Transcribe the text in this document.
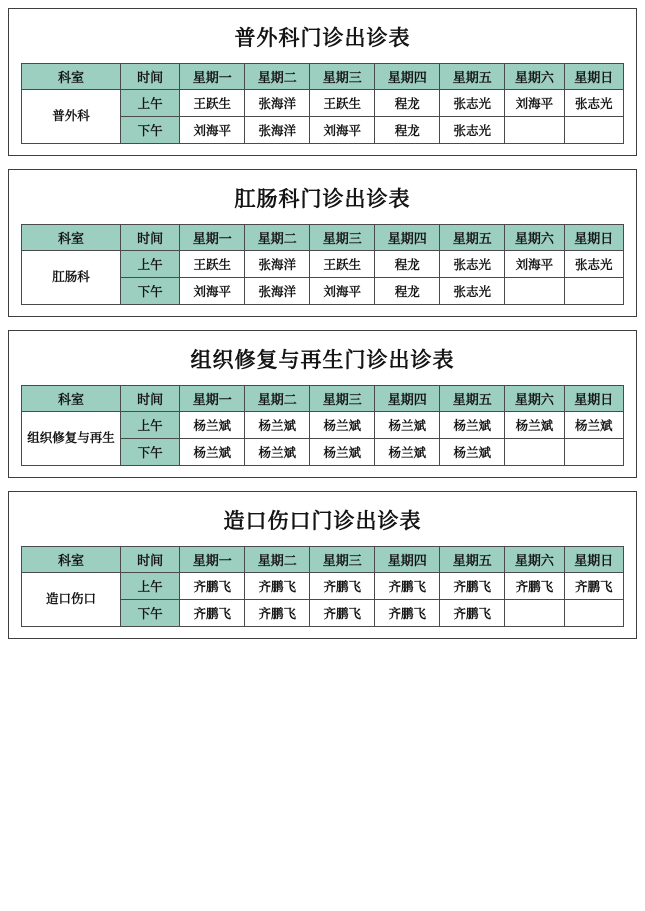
普外科门诊出诊表
科室	时间	星期一	星期二	星期三	星期四	星期五	星期六	星期日
普外科	上午	王跃生	张海洋	王跃生	程龙	张志光	刘海平	张志光
	下午	刘海平	张海洋	刘海平	程龙	张志光		
肛肠科门诊出诊表
科室	时间	星期一	星期二	星期三	星期四	星期五	星期六	星期日
肛肠科	上午	王跃生	张海洋	王跃生	程龙	张志光	刘海平	张志光
	下午	刘海平	张海洋	刘海平	程龙	张志光		
组织修复与再生门诊出诊表
科室	时间	星期一	星期二	星期三	星期四	星期五	星期六	星期日
组织修复与再生	上午	杨兰斌	杨兰斌	杨兰斌	杨兰斌	杨兰斌	杨兰斌	杨兰斌
	下午	杨兰斌	杨兰斌	杨兰斌	杨兰斌	杨兰斌		
造口伤口门诊出诊表
科室	时间	星期一	星期二	星期三	星期四	星期五	星期六	星期日
造口伤口	上午	齐鹏飞	齐鹏飞	齐鹏飞	齐鹏飞	齐鹏飞	齐鹏飞	齐鹏飞
	下午	齐鹏飞	齐鹏飞	齐鹏飞	齐鹏飞	齐鹏飞		
